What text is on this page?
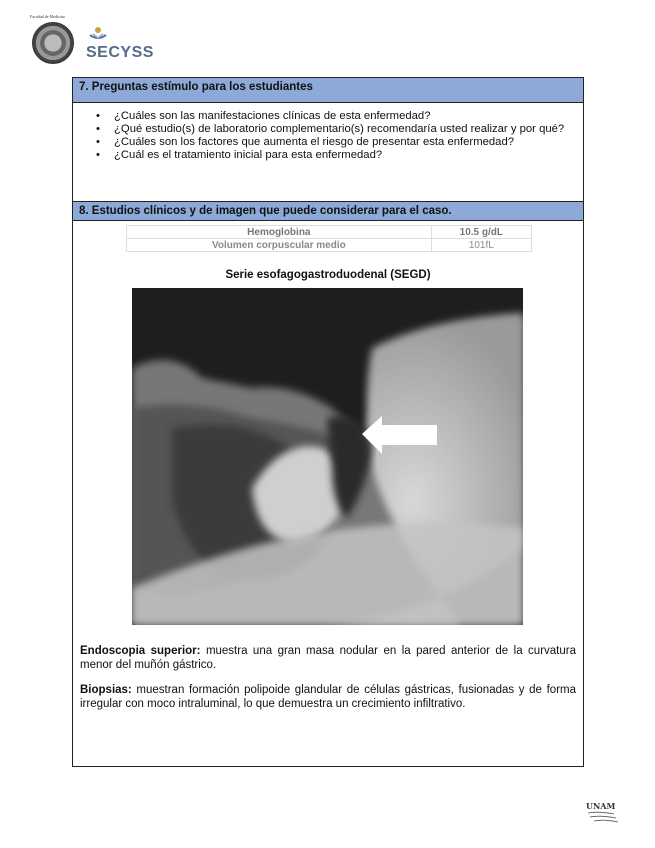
Facultad de Medicina
SECYSS
7. Preguntas estímulo para los estudiantes
• ¿Cuáles son las manifestaciones clínicas de esta enfermedad?
• ¿Qué estudio(s) de laboratorio complementario(s) recomendaría usted realizar y por qué?
• ¿Cuáles son los factores que aumenta el riesgo de presentar esta enfermedad?
• ¿Cuál es el tratamiento inicial para esta enfermedad?
8. Estudios clínicos y de imagen que puede considerar para el caso.
Hemoglobina	10.5 g/dL
Volumen corpuscular medio	101fL
Serie esofagogastroduodenal (SEGD)
Endoscopia superior: muestra una gran masa nodular en la pared anterior de la curvatura menor del muñón gástrico.
Biopsias: muestran formación polipoide glandular de células gástricas, fusionadas y de forma irregular con moco intraluminal, lo que demuestra un crecimiento infiltrativo.
UNAM
